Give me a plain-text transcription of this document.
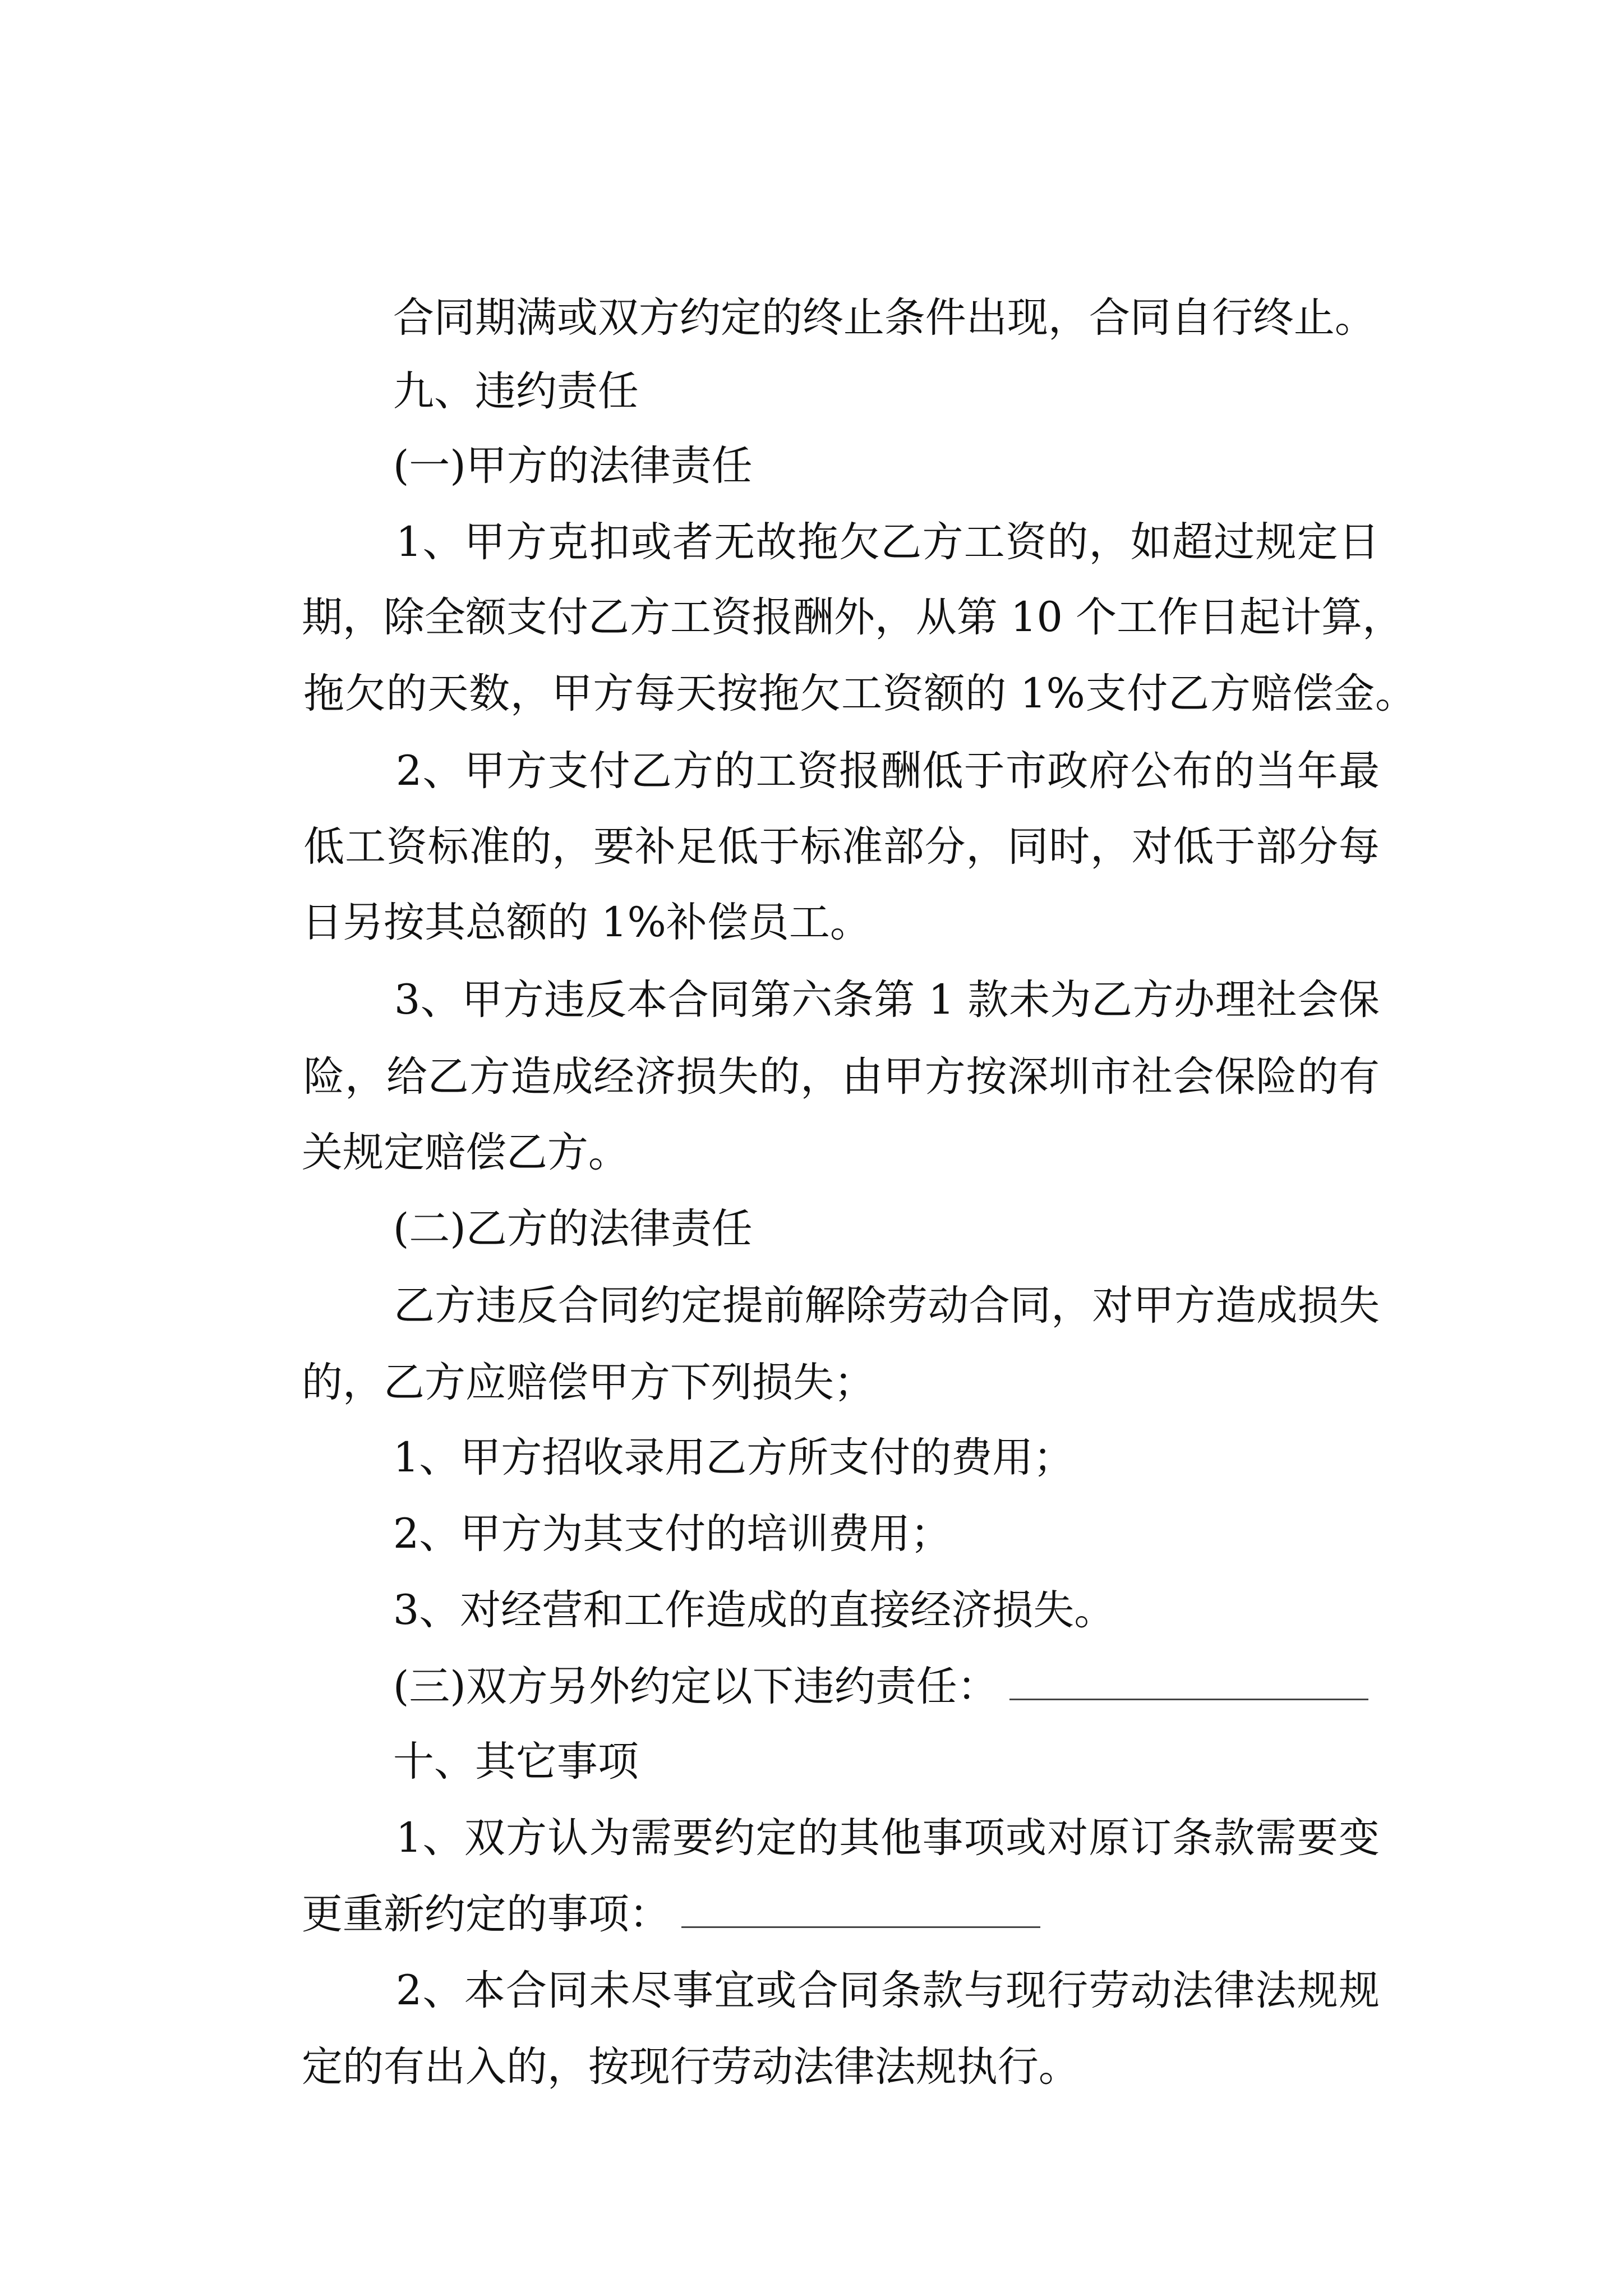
合同期满或双方约定的终止条件出现，合同自行终止。

九、违约责任

(一)甲方的法律责任

1、甲方克扣或者无故拖欠乙方工资的，如超过规定日

期，除全额支付乙方工资报酬外，从第 10 个工作日起计算，

拖欠的天数，甲方每天按拖欠工资额的 1%支付乙方赔偿金。

2、甲方支付乙方的工资报酬低于市政府公布的当年最

低工资标准的，要补足低于标准部分，同时，对低于部分每

日另按其总额的 1%补偿员工。

3、甲方违反本合同第六条第 1 款未为乙方办理社会保

险，给乙方造成经济损失的，由甲方按深圳市社会保险的有

关规定赔偿乙方。

(二)乙方的法律责任

乙方违反合同约定提前解除劳动合同，对甲方造成损失

的，乙方应赔偿甲方下列损失；

1、甲方招收录用乙方所支付的费用；

2、甲方为其支付的培训费用；

3、对经营和工作造成的直接经济损失。

(三)双方另外约定以下违约责任：

十、其它事项

1、双方认为需要约定的其他事项或对原订条款需要变

更重新约定的事项：

2、本合同未尽事宜或合同条款与现行劳动法律法规规

定的有出入的，按现行劳动法律法规执行。
